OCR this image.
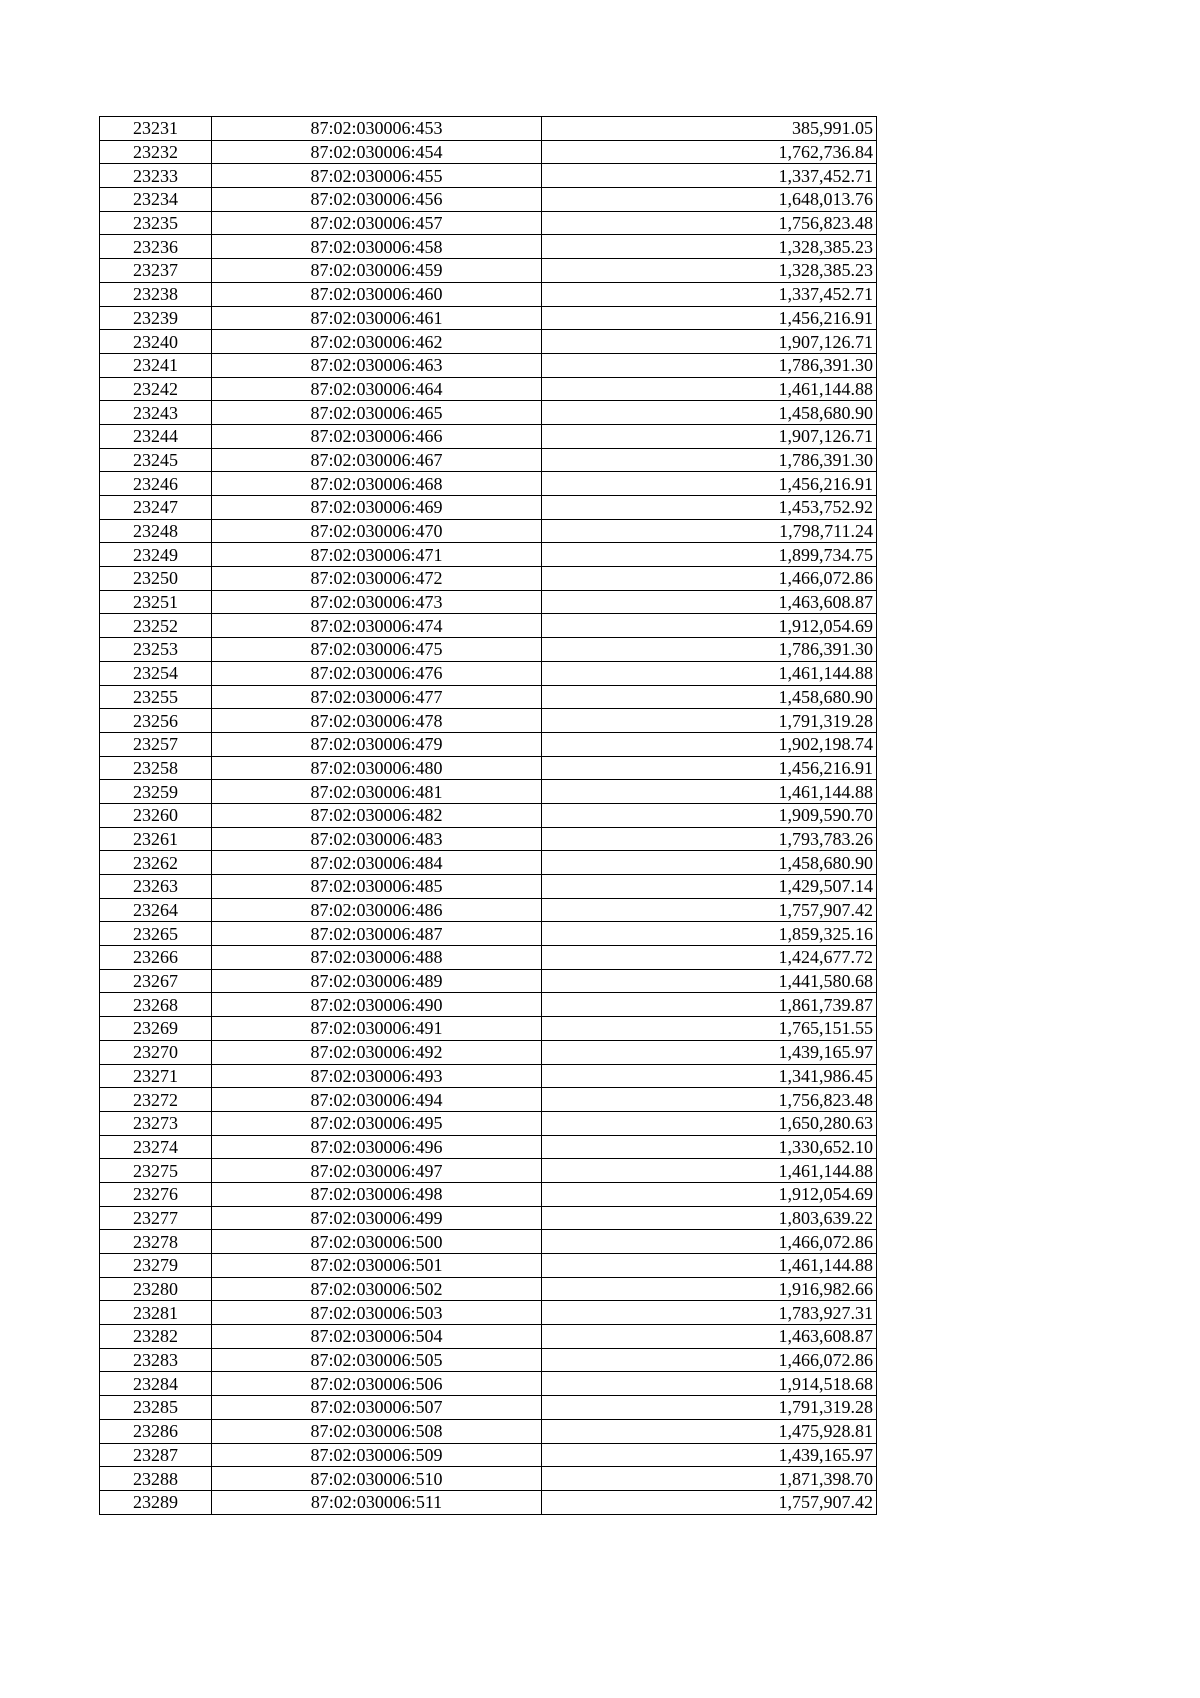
23231	87:02:030006:453	385,991.05
23232	87:02:030006:454	1,762,736.84
23233	87:02:030006:455	1,337,452.71
23234	87:02:030006:456	1,648,013.76
23235	87:02:030006:457	1,756,823.48
23236	87:02:030006:458	1,328,385.23
23237	87:02:030006:459	1,328,385.23
23238	87:02:030006:460	1,337,452.71
23239	87:02:030006:461	1,456,216.91
23240	87:02:030006:462	1,907,126.71
23241	87:02:030006:463	1,786,391.30
23242	87:02:030006:464	1,461,144.88
23243	87:02:030006:465	1,458,680.90
23244	87:02:030006:466	1,907,126.71
23245	87:02:030006:467	1,786,391.30
23246	87:02:030006:468	1,456,216.91
23247	87:02:030006:469	1,453,752.92
23248	87:02:030006:470	1,798,711.24
23249	87:02:030006:471	1,899,734.75
23250	87:02:030006:472	1,466,072.86
23251	87:02:030006:473	1,463,608.87
23252	87:02:030006:474	1,912,054.69
23253	87:02:030006:475	1,786,391.30
23254	87:02:030006:476	1,461,144.88
23255	87:02:030006:477	1,458,680.90
23256	87:02:030006:478	1,791,319.28
23257	87:02:030006:479	1,902,198.74
23258	87:02:030006:480	1,456,216.91
23259	87:02:030006:481	1,461,144.88
23260	87:02:030006:482	1,909,590.70
23261	87:02:030006:483	1,793,783.26
23262	87:02:030006:484	1,458,680.90
23263	87:02:030006:485	1,429,507.14
23264	87:02:030006:486	1,757,907.42
23265	87:02:030006:487	1,859,325.16
23266	87:02:030006:488	1,424,677.72
23267	87:02:030006:489	1,441,580.68
23268	87:02:030006:490	1,861,739.87
23269	87:02:030006:491	1,765,151.55
23270	87:02:030006:492	1,439,165.97
23271	87:02:030006:493	1,341,986.45
23272	87:02:030006:494	1,756,823.48
23273	87:02:030006:495	1,650,280.63
23274	87:02:030006:496	1,330,652.10
23275	87:02:030006:497	1,461,144.88
23276	87:02:030006:498	1,912,054.69
23277	87:02:030006:499	1,803,639.22
23278	87:02:030006:500	1,466,072.86
23279	87:02:030006:501	1,461,144.88
23280	87:02:030006:502	1,916,982.66
23281	87:02:030006:503	1,783,927.31
23282	87:02:030006:504	1,463,608.87
23283	87:02:030006:505	1,466,072.86
23284	87:02:030006:506	1,914,518.68
23285	87:02:030006:507	1,791,319.28
23286	87:02:030006:508	1,475,928.81
23287	87:02:030006:509	1,439,165.97
23288	87:02:030006:510	1,871,398.70
23289	87:02:030006:511	1,757,907.42
